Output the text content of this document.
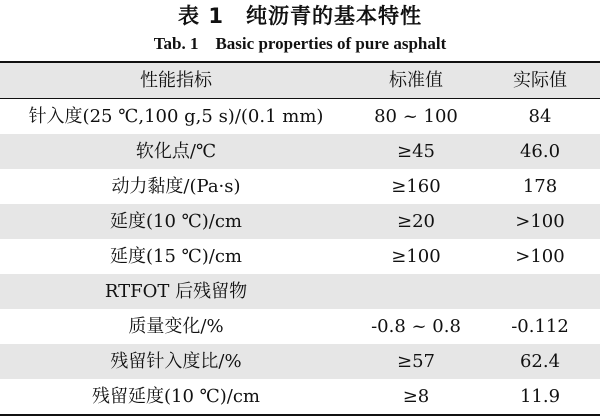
表 1　纯沥青的基本特性
Tab. 1　Basic properties of pure asphalt
性能指标	标准值	实际值
针入度(25 ℃,100 g,5 s)/(0.1 mm)	80 ~ 100	84
软化点/℃	≥45	46.0
动力黏度/(Pa·s)	≥160	178
延度(10 ℃)/cm	≥20	>100
延度(15 ℃)/cm	≥100	>100
RTFOT 后残留物		
质量变化/%	-0.8 ~ 0.8	-0.112
残留针入度比/%	≥57	62.4
残留延度(10 ℃)/cm	≥8	11.9
